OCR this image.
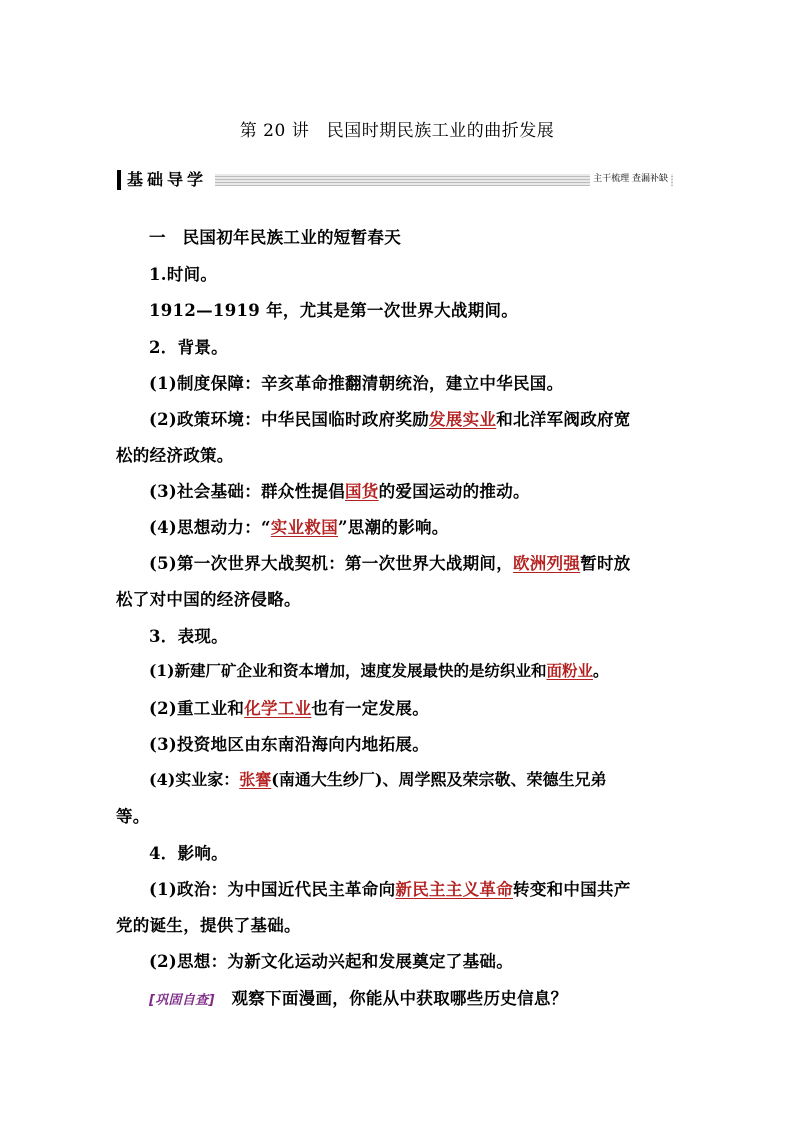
第 20 讲　民国时期民族工业的曲折发展
基础导学	主干梳理 查漏补缺
一　民国初年民族工业的短暂春天
1.时间。
1912—1919 年，尤其是第一次世界大战期间。
2．背景。
(1)制度保障：辛亥革命推翻清朝统治，建立中华民国。
(2)政策环境：中华民国临时政府奖励发展实业和北洋军阀政府宽
松的经济政策。
(3)社会基础：群众性提倡国货的爱国运动的推动。
(4)思想动力：“实业救国”思潮的影响。
(5)第一次世界大战契机：第一次世界大战期间，欧洲列强暂时放
松了对中国的经济侵略。
3．表现。
(1)新建厂矿企业和资本增加，速度发展最快的是纺织业和面粉业。
(2)重工业和化学工业也有一定发展。
(3)投资地区由东南沿海向内地拓展。
(4)实业家：张謇(南通大生纱厂)、周学熙及荣宗敬、荣德生兄弟
等。
4．影响。
(1)政治：为中国近代民主革命向新民主主义革命转变和中国共产
党的诞生，提供了基础。
(2)思想：为新文化运动兴起和发展奠定了基础。
[巩固自查]　观察下面漫画，你能从中获取哪些历史信息？
